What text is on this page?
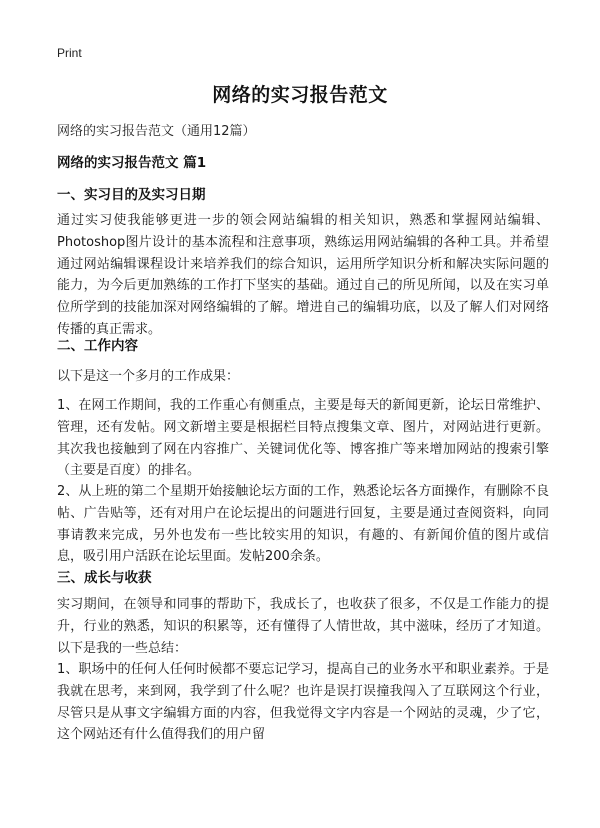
Print
网络的实习报告范文
网络的实习报告范文（通用12篇）
网络的实习报告范文 篇1
一、实习目的及实习日期

通过实习使我能够更进一步的领会网站编辑的相关知识，熟悉和掌握网站编辑、Photoshop图片设计的基本流程和注意事项，熟练运用网站编辑的各种工具。并希望通过网站编辑课程设计来培养我们的综合知识，运用所学知识分析和解决实际问题的能力，为今后更加熟练的工作打下坚实的基础。通过自己的所见所闻，以及在实习单位所学到的技能加深对网络编辑的了解。增进自己的编辑功底，以及了解人们对网络传播的真正需求。

二、工作内容

以下是这一个多月的工作成果：

1、在网工作期间，我的工作重心有侧重点，主要是每天的新闻更新，论坛日常维护、管理，还有发帖。网文新增主要是根据栏目特点搜集文章、图片，对网站进行更新。其次我也接触到了网在内容推广、关键词优化等、博客推广等来增加网站的搜索引擎（主要是百度）的排名。

2、从上班的第二个星期开始接触论坛方面的工作，熟悉论坛各方面操作，有删除不良帖、广告贴等，还有对用户在论坛提出的问题进行回复，主要是通过查阅资料，向同事请教来完成，另外也发布一些比较实用的知识，有趣的、有新闻价值的图片或信息，吸引用户活跃在论坛里面。发帖200余条。

三、成长与收获

实习期间，在领导和同事的帮助下，我成长了，也收获了很多，不仅是工作能力的提升，行业的熟悉，知识的积累等，还有懂得了人情世故，其中滋味，经历了才知道。以下是我的一些总结：

1、职场中的任何人任何时候都不要忘记学习，提高自己的业务水平和职业素养。于是我就在思考，来到网，我学到了什么呢？也许是误打误撞我闯入了互联网这个行业，尽管只是从事文字编辑方面的内容，但我觉得文字内容是一个网站的灵魂，少了它，这个网站还有什么值得我们的用户留
